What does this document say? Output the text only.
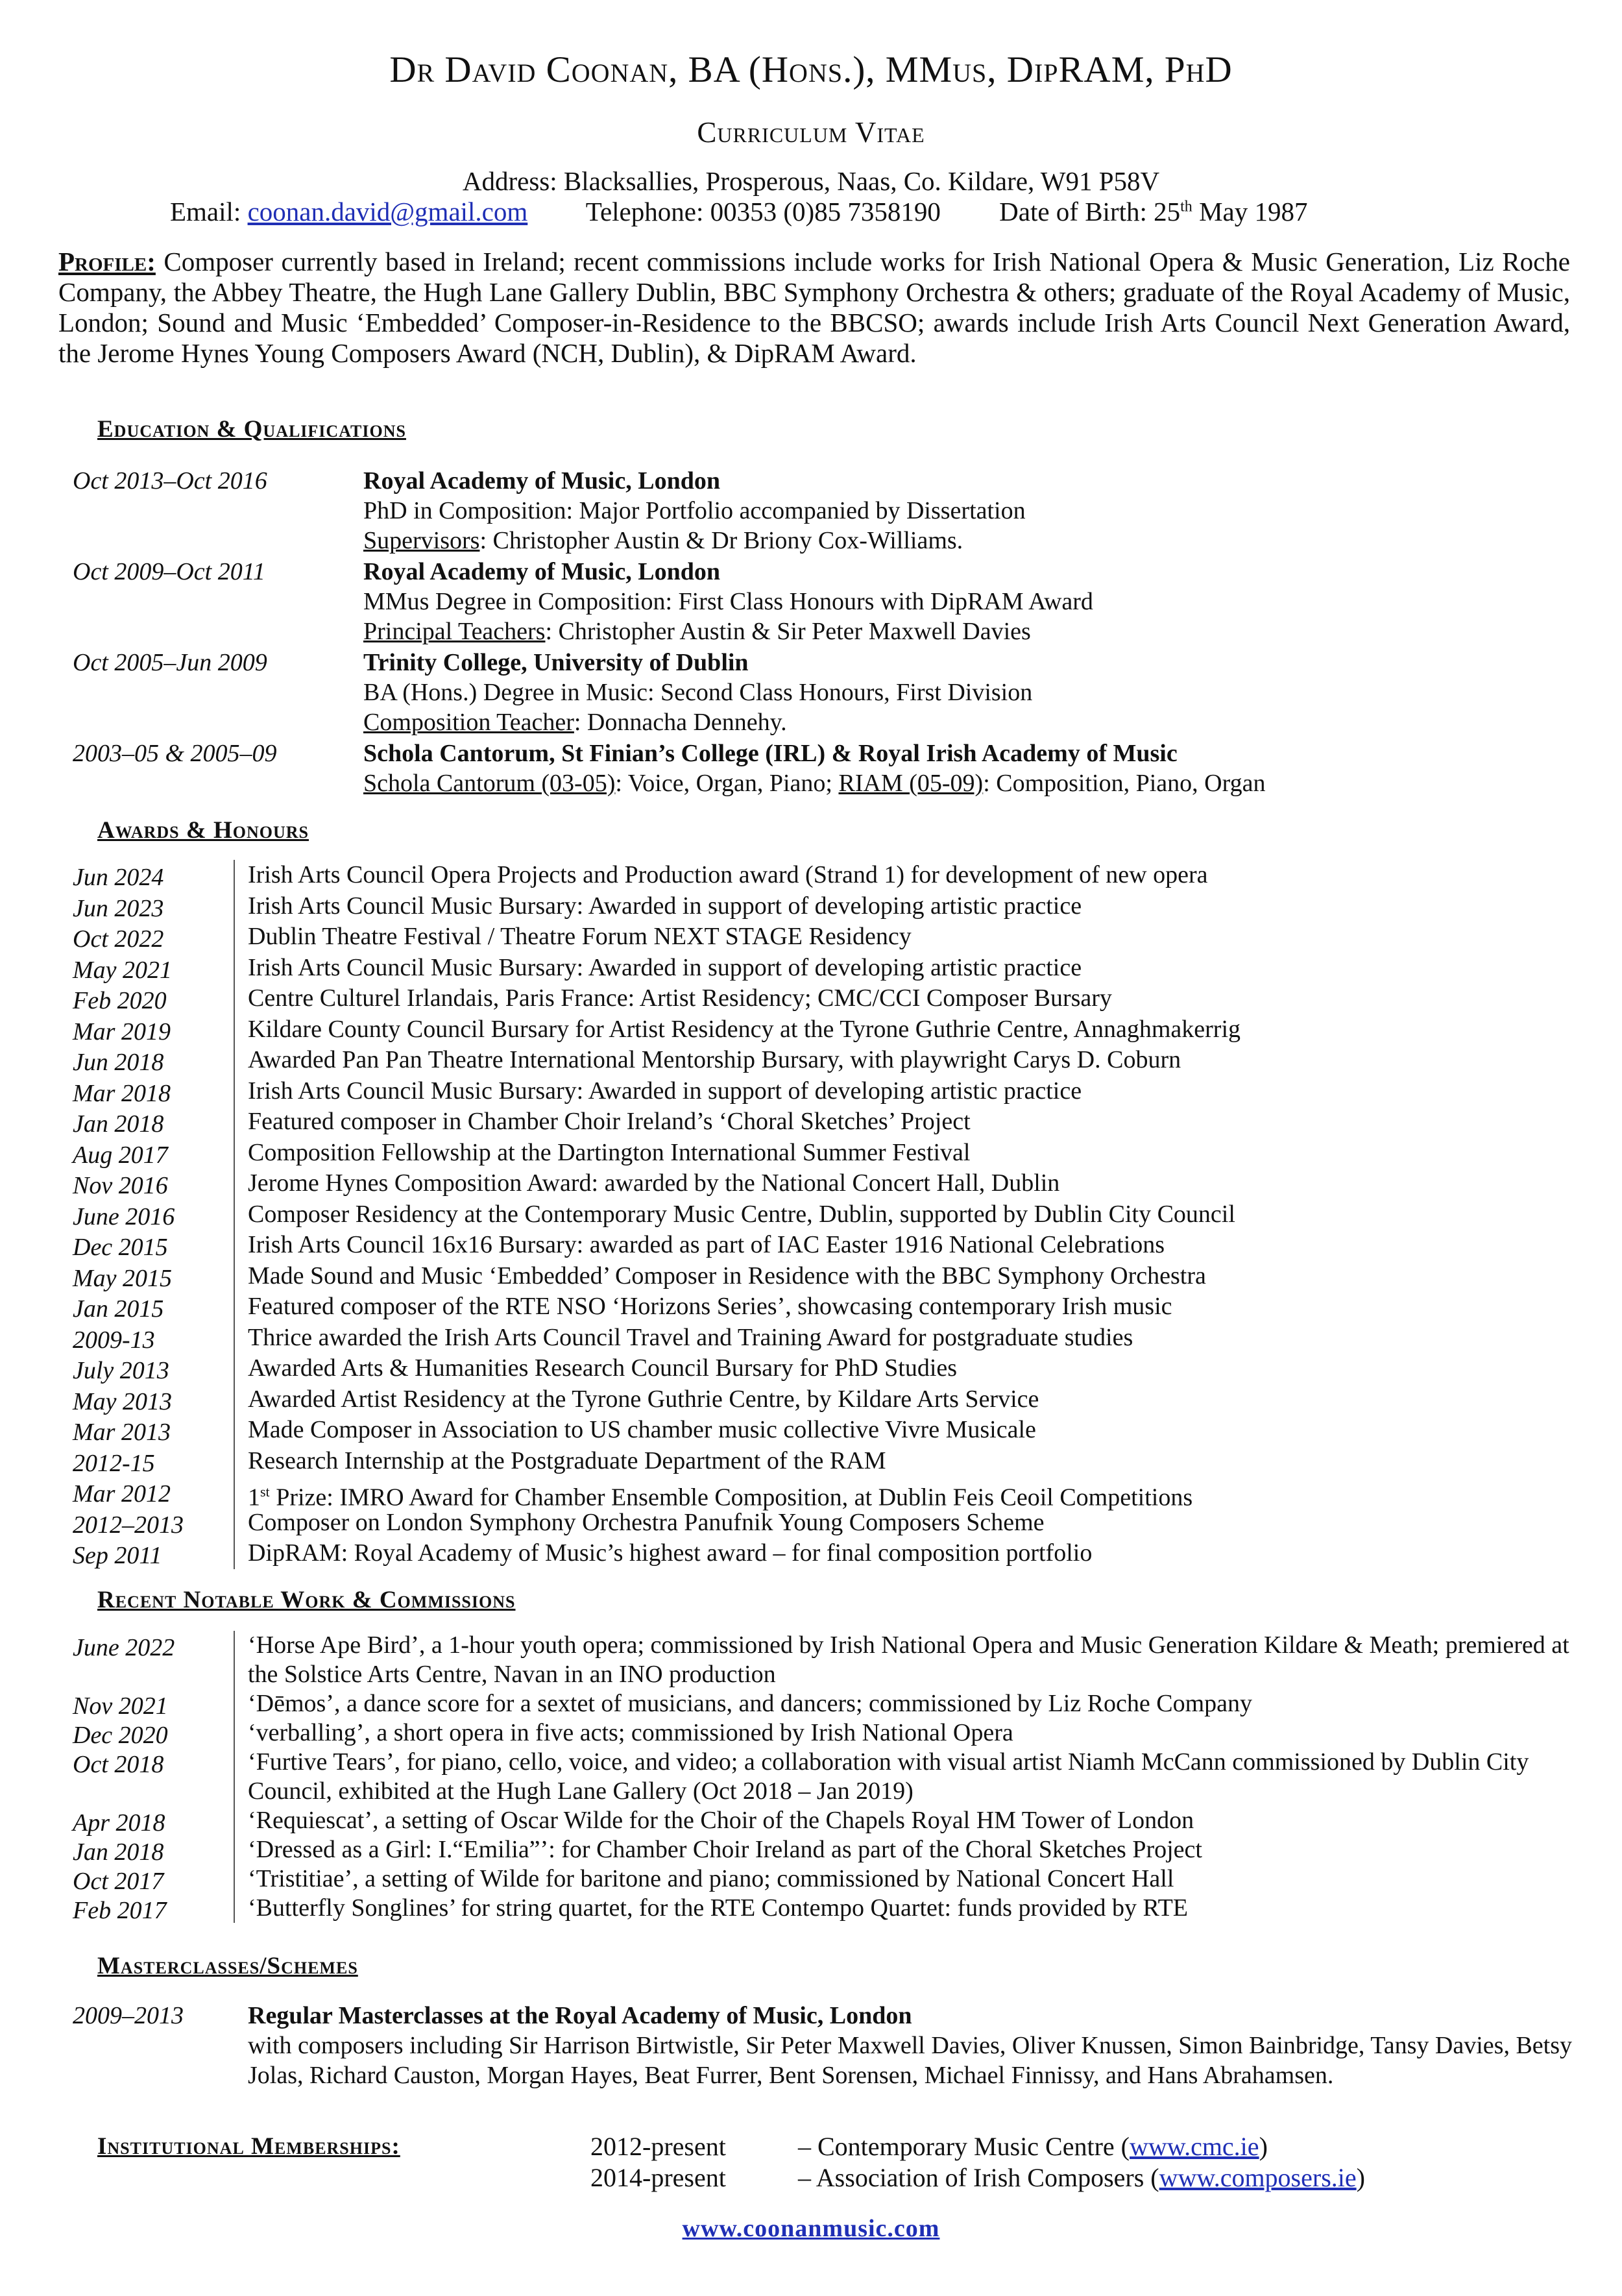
Dr David Coonan, BA (Hons.), MMus, DipRAM, PhD
Curriculum Vitae
Address: Blacksallies, Prosperous, Naas, Co. Kildare, W91 P58V
Email: coonan.david@gmail.com Telephone: 00353 (0)85 7358190 Date of Birth: 25th May 1987
Profile: Composer currently based in Ireland; recent commissions include works for Irish National Opera & Music Generation, Liz Roche Company, the Abbey Theatre, the Hugh Lane Gallery Dublin, BBC Symphony Orchestra & others; graduate of the Royal Academy of Music, London; Sound and Music ‘Embedded’ Composer-in-Residence to the BBCSO; awards include Irish Arts Council Next Generation Award, the Jerome Hynes Young Composers Award (NCH, Dublin), & DipRAM Award.
Education & Qualifications
Oct 2013–Oct 2016	Royal Academy of Music, London
PhD in Composition: Major Portfolio accompanied by Dissertation
Supervisors: Christopher Austin & Dr Briony Cox-Williams.
Oct 2009–Oct 2011	Royal Academy of Music, London
MMus Degree in Composition: First Class Honours with DipRAM Award
Principal Teachers: Christopher Austin & Sir Peter Maxwell Davies
Oct 2005–Jun 2009	Trinity College, University of Dublin
BA (Hons.) Degree in Music: Second Class Honours, First Division
Composition Teacher: Donnacha Dennehy.
2003–05 & 2005–09	Schola Cantorum, St Finian’s College (IRL) & Royal Irish Academy of Music
Schola Cantorum (03-05): Voice, Organ, Piano; RIAM (05-09): Composition, Piano, Organ
Awards & Honours
Jun 2024	Irish Arts Council Opera Projects and Production award (Strand 1) for development of new opera
Jun 2023	Irish Arts Council Music Bursary: Awarded in support of developing artistic practice
Oct 2022	Dublin Theatre Festival / Theatre Forum NEXT STAGE Residency
May 2021	Irish Arts Council Music Bursary: Awarded in support of developing artistic practice
Feb 2020	Centre Culturel Irlandais, Paris France: Artist Residency; CMC/CCI Composer Bursary
Mar 2019	Kildare County Council Bursary for Artist Residency at the Tyrone Guthrie Centre, Annaghmakerrig
Jun 2018	Awarded Pan Pan Theatre International Mentorship Bursary, with playwright Carys D. Coburn
Mar 2018	Irish Arts Council Music Bursary: Awarded in support of developing artistic practice
Jan 2018	Featured composer in Chamber Choir Ireland’s ‘Choral Sketches’ Project
Aug 2017	Composition Fellowship at the Dartington International Summer Festival
Nov 2016	Jerome Hynes Composition Award: awarded by the National Concert Hall, Dublin
June 2016	Composer Residency at the Contemporary Music Centre, Dublin, supported by Dublin City Council
Dec 2015	Irish Arts Council 16x16 Bursary: awarded as part of IAC Easter 1916 National Celebrations
May 2015	Made Sound and Music ‘Embedded’ Composer in Residence with the BBC Symphony Orchestra
Jan 2015	Featured composer of the RTE NSO ‘Horizons Series’, showcasing contemporary Irish music
2009-13	Thrice awarded the Irish Arts Council Travel and Training Award for postgraduate studies
July 2013	Awarded Arts & Humanities Research Council Bursary for PhD Studies
May 2013	Awarded Artist Residency at the Tyrone Guthrie Centre, by Kildare Arts Service
Mar 2013	Made Composer in Association to US chamber music collective Vivre Musicale
2012-15	Research Internship at the Postgraduate Department of the RAM
Mar 2012	1st Prize: IMRO Award for Chamber Ensemble Composition, at Dublin Feis Ceoil Competitions
2012–2013	Composer on London Symphony Orchestra Panufnik Young Composers Scheme
Sep 2011	DipRAM: Royal Academy of Music’s highest award – for final composition portfolio
Recent Notable Work & Commissions
June 2022	‘Horse Ape Bird’, a 1-hour youth opera; commissioned by Irish National Opera and Music Generation Kildare & Meath; premiered at the Solstice Arts Centre, Navan in an INO production
Nov 2021	‘Dēmos’, a dance score for a sextet of musicians, and dancers; commissioned by Liz Roche Company
Dec 2020	‘verballing’, a short opera in five acts; commissioned by Irish National Opera
Oct 2018	‘Furtive Tears’, for piano, cello, voice, and video; a collaboration with visual artist Niamh McCann commissioned by Dublin City Council, exhibited at the Hugh Lane Gallery (Oct 2018 – Jan 2019)
Apr 2018	‘Requiescat’, a setting of Oscar Wilde for the Choir of the Chapels Royal HM Tower of London
Jan 2018	‘Dressed as a Girl: I.“Emilia”’: for Chamber Choir Ireland as part of the Choral Sketches Project
Oct 2017	‘Tristitiae’, a setting of Wilde for baritone and piano; commissioned by National Concert Hall
Feb 2017	‘Butterfly Songlines’ for string quartet, for the RTE Contempo Quartet: funds provided by RTE
Masterclasses/Schemes
2009–2013	Regular Masterclasses at the Royal Academy of Music, London
with composers including Sir Harrison Birtwistle, Sir Peter Maxwell Davies, Oliver Knussen, Simon Bainbridge, Tansy Davies, Betsy Jolas, Richard Causton, Morgan Hayes, Beat Furrer, Bent Sorensen, Michael Finnissy, and Hans Abrahamsen.
Institutional Memberships:	2012-present	– Contemporary Music Centre (www.cmc.ie)
2014-present	– Association of Irish Composers (www.composers.ie)
www.coonanmusic.com
